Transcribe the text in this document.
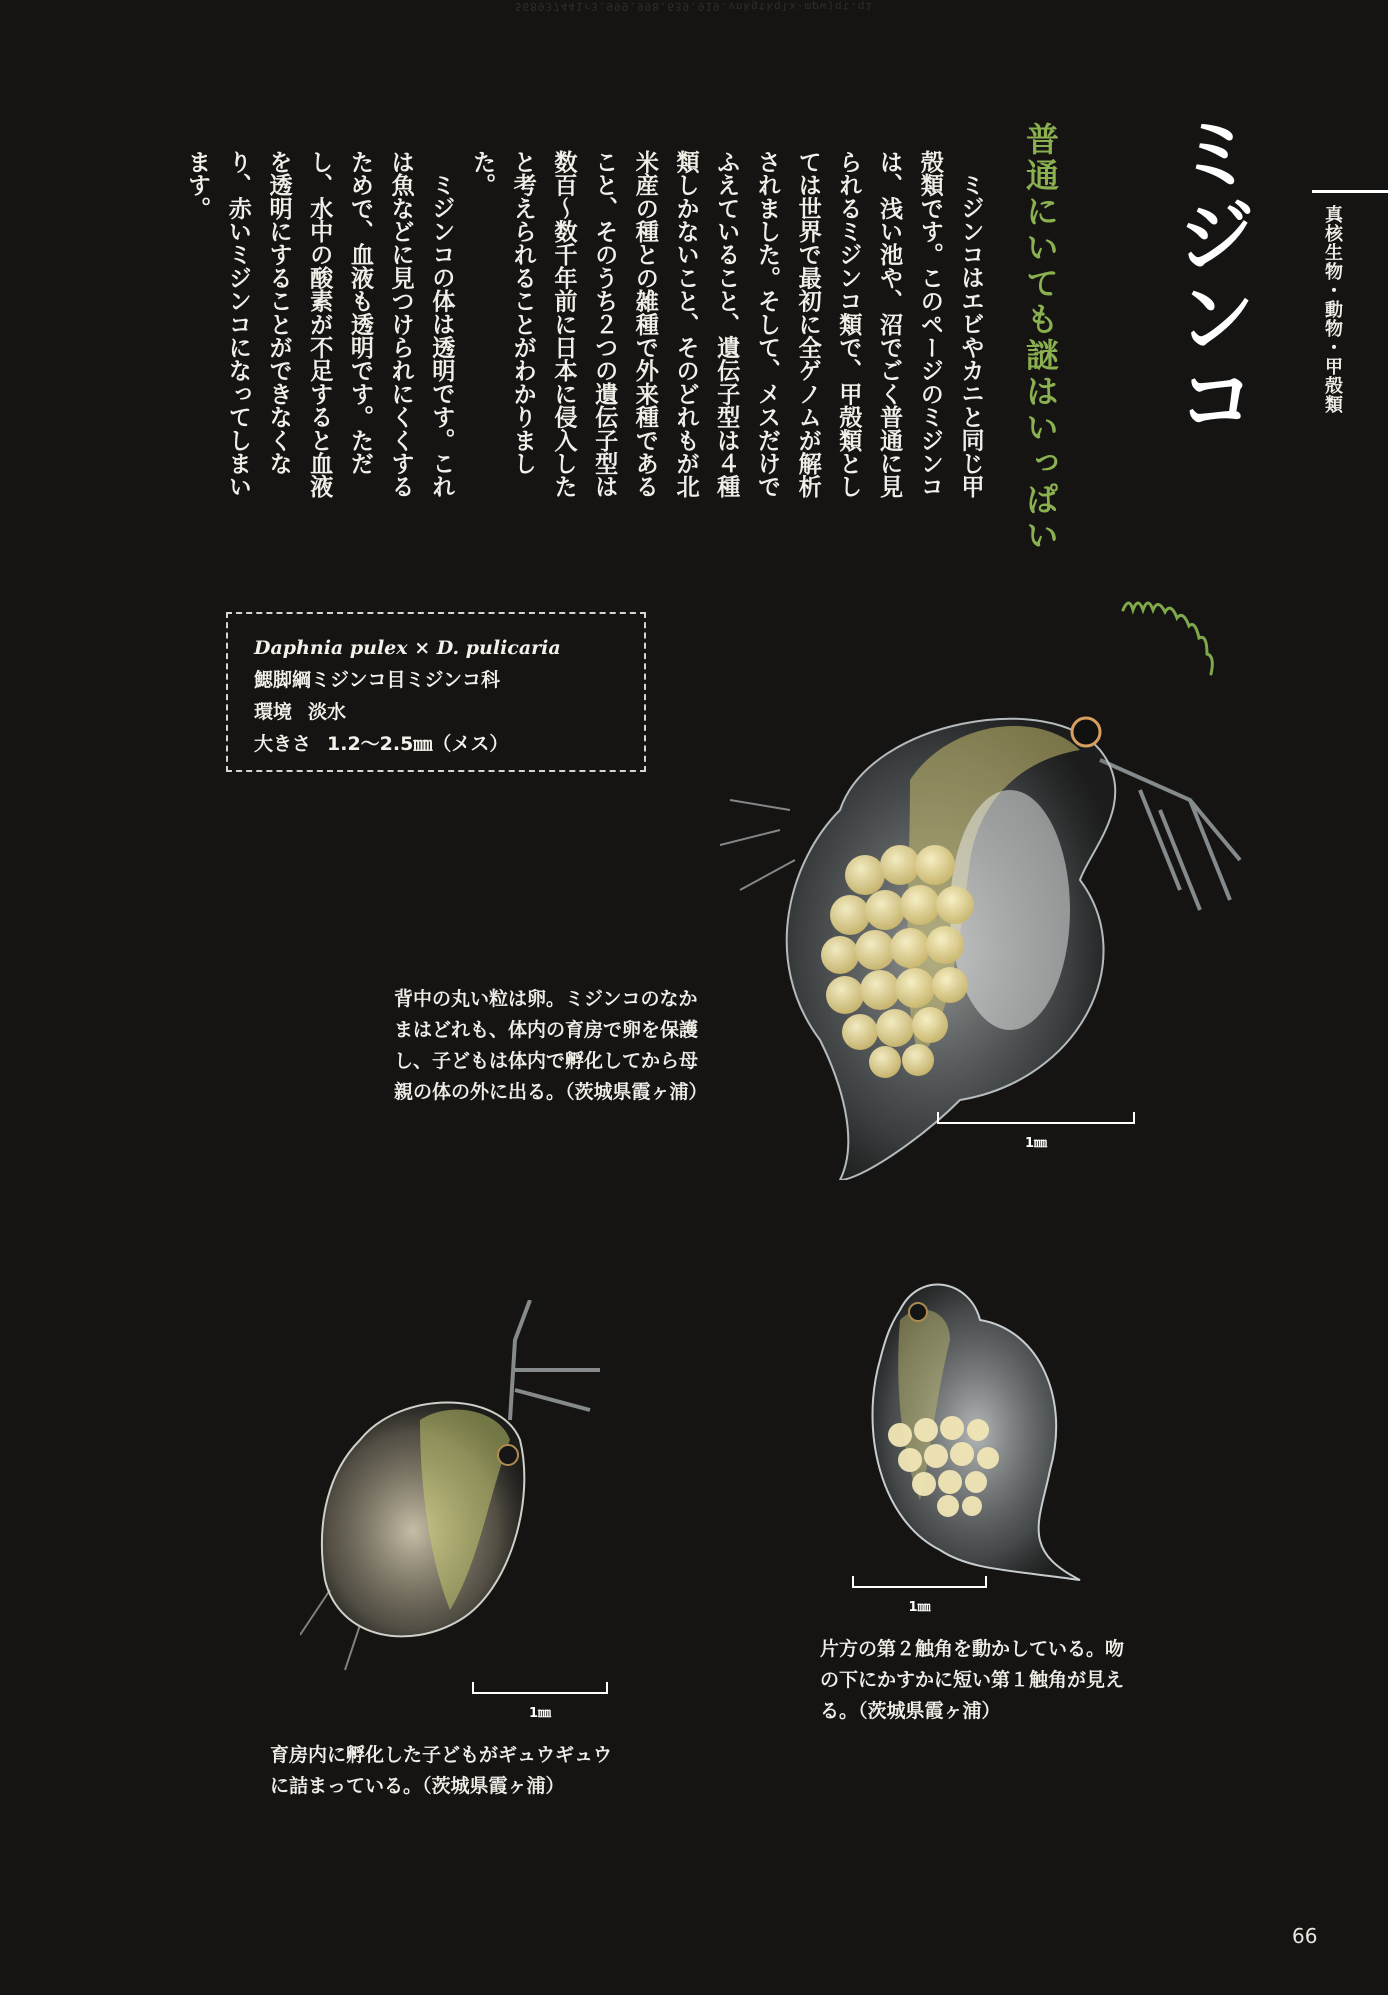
568937441r3.999.998.639.919.vnkgtkqlx-mpwjqt.qi
真核生物・動物・甲殻類
ミジンコ
普通にいても謎はいっぱい

ミジンコはエビやカニと同じ甲殻類です。このページのミジンコは、浅い池や、沼でごく普通に見られるミジンコ類で、甲殻類としては世界で最初に全ゲノムが解析されました。そして、メスだけでふえていること、遺伝子型は４種類しかないこと、そのどれもが北米産の種との雑種で外来種であること、そのうち２つの遺伝子型は数百〜数千年前に日本に侵入したと考えられることがわかりました。

ミジンコの体は透明です。これは魚などに見つけられにくくするためで、血液も透明です。ただし、水中の酸素が不足すると血液を透明にすることができなくなり、赤いミジンコになってしまいます。

Daphnia pulex × D. pulicaria
鰓脚綱ミジンコ目ミジンコ科
環境 淡水
大きさ 1.2〜2.5㎜（メス）
背中の丸い粒は卵。ミジンコのなか
まはどれも、体内の育房で卵を保護
し、子どもは体内で孵化してから母
親の体の外に出る。（茨城県霞ヶ浦）
1㎜
1㎜
育房内に孵化した子どもがギュウギュウ
に詰まっている。（茨城県霞ヶ浦）
1㎜
片方の第２触角を動かしている。吻
の下にかすかに短い第１触角が見え
る。（茨城県霞ヶ浦）
66
